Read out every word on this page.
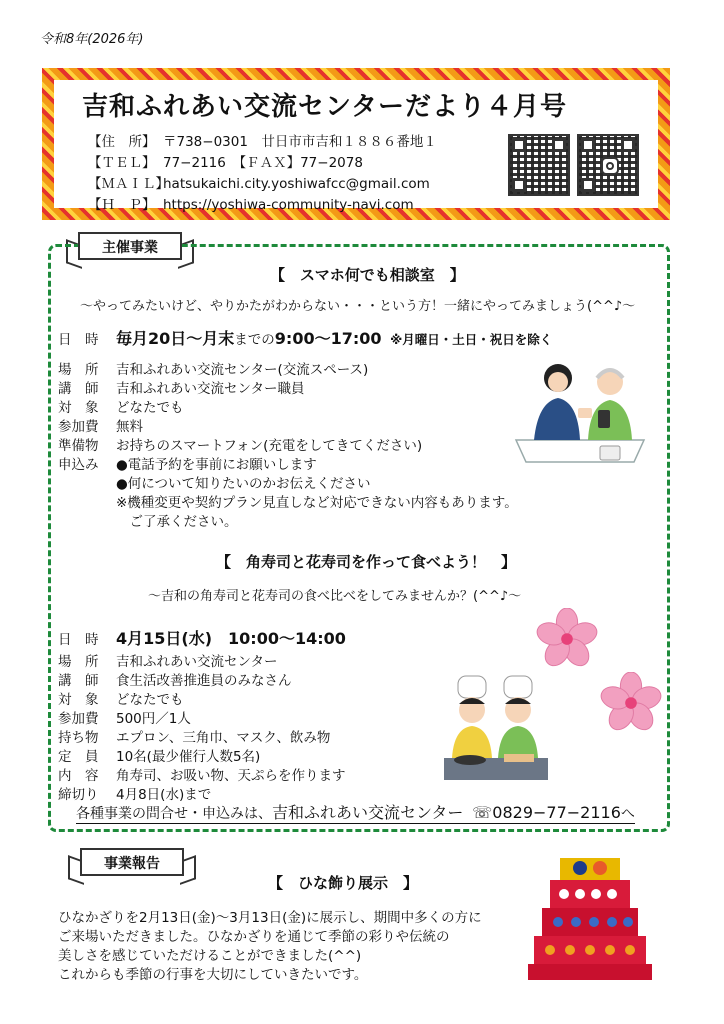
令和8年(2026年)
吉和ふれあい交流センターだより４月号
【住　所】 〒738−0301　廿日市市吉和１８８６番地１
【ＴＥＬ】 77−2116　【ＦＡＸ】77−2078
【ＭＡＩＬ】hatsukaichi.city.yoshiwafcc@gmail.com
【Ｈ　Ｐ】 https://yoshiwa-community-navi.com
主催事業
【　スマホ何でも相談室　】
〜やってみたいけど、やりかたがわからない・・・という方！一緒にやってみましょう(^^♪〜
日　時 毎月20日〜月末までの9:00〜17:00 ※月曜日・土日・祝日を除く
場　所 吉和ふれあい交流センター(交流スペース)
講　師 吉和ふれあい交流センター職員
対　象 どなたでも
参加費 無料
準備物 お持ちのスマートフォン(充電をしてきてください)
申込み ●電話予約を事前にお願いします
●何について知りたいのかお伝えください
※機種変更や契約プラン見直しなど対応できない内容もあります。
　ご了承ください。
【　角寿司と花寿司を作って食べよう！　】
〜吉和の角寿司と花寿司の食べ比べをしてみませんか？(^^♪〜
日　時 4月15日(水)　10:00〜14:00
場　所 吉和ふれあい交流センター
講　師 食生活改善推進員のみなさん
対　象 どなたでも
参加費 500円／1人
持ち物 エプロン、三角巾、マスク、飲み物
定　員 10名(最少催行人数5名)
内　容 角寿司、お吸い物、天ぷらを作ります
締切り 4月8日(水)まで
各種事業の問合せ・申込みは、吉和ふれあい交流センター ☏0829−77−2116へ
事業報告
【　ひな飾り展示　】
ひなかざりを2月13日(金)〜3月13日(金)に展示し、期間中多くの方に
ご来場いただきました。ひなかざりを通じて季節の彩りや伝統の
美しさを感じていただけることができました(^^)
これからも季節の行事を大切にしていきたいです。
